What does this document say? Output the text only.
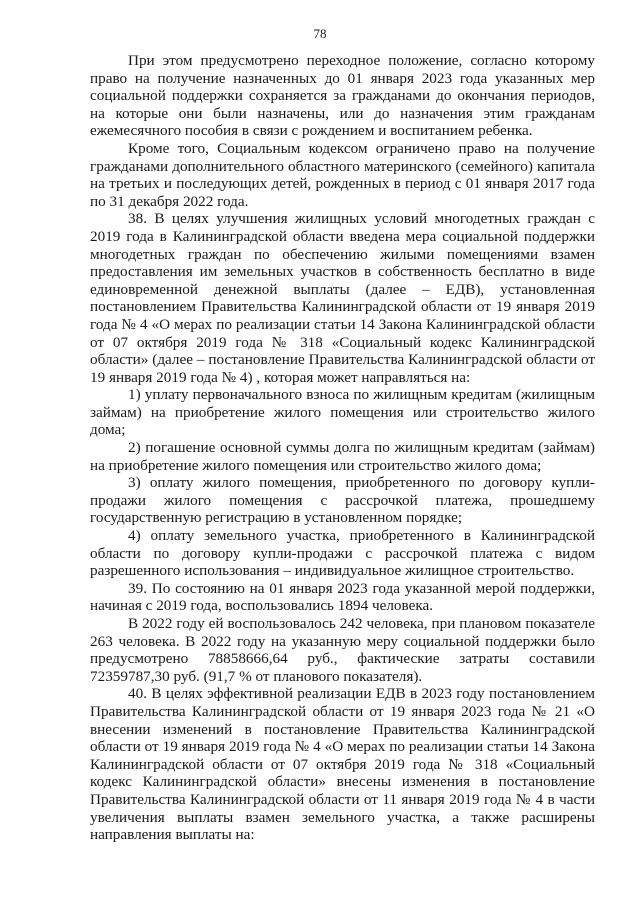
78

При этом предусмотрено переходное положение, согласно которому право на получение назначенных до 01 января 2023 года указанных мер социальной поддержки сохраняется за гражданами до окончания периодов, на которые они были назначены, или до назначения этим гражданам ежемесячного пособия в связи с рождением и воспитанием ребенка.

Кроме того, Социальным кодексом ограничено право на получение гражданами дополнительного областного материнского (семейного) капитала на третьих и последующих детей, рожденных в период с 01 января 2017 года по 31 декабря 2022 года.

38. В целях улучшения жилищных условий многодетных граждан с 2019 года в Калининградской области введена мера социальной поддержки многодетных граждан по обеспечению жилыми помещениями взамен предоставления им земельных участков в собственность бесплатно в виде единовременной денежной выплаты (далее – ЕДВ), установленная постановлением Правительства Калининградской области от 19 января 2019 года № 4 «О мерах по реализации статьи 14 Закона Калининградской области от 07 октября 2019 года № 318 «Социальный кодекс Калининградской области» (далее – постановление Правительства Калининградской области от 19 января 2019 года № 4) , которая может направляться на:

1) уплату первоначального взноса по жилищным кредитам (жилищным займам) на приобретение жилого помещения или строительство жилого дома;

2) погашение основной суммы долга по жилищным кредитам (займам) на приобретение жилого помещения или строительство жилого дома;

3) оплату жилого помещения, приобретенного по договору купли-продажи жилого помещения с рассрочкой платежа, прошедшему государственную регистрацию в установленном порядке;

4) оплату земельного участка, приобретенного в Калининградской области по договору купли-продажи с рассрочкой платежа с видом разрешенного использования – индивидуальное жилищное строительство.

39. По состоянию на 01 января 2023 года указанной мерой поддержки, начиная с 2019 года, воспользовались 1894 человека.

В 2022 году ей воспользовалось 242 человека, при плановом показателе 263 человека. В 2022 году на указанную меру социальной поддержки было предусмотрено 78858666,64 руб., фактические затраты составили 72359787,30 руб. (91,7 % от планового показателя).

40. В целях эффективной реализации ЕДВ в 2023 году постановлением Правительства Калининградской области от 19 января 2023 года № 21 «О внесении изменений в постановление Правительства Калининградской области от 19 января 2019 года № 4 «О мерах по реализации статьи 14 Закона Калининградской области от 07 октября 2019 года № 318 «Социальный кодекс Калининградской области» внесены изменения в постановление Правительства Калининградской области от 11 января 2019 года № 4 в части увеличения выплаты взамен земельного участка, а также расширены направления выплаты на:
